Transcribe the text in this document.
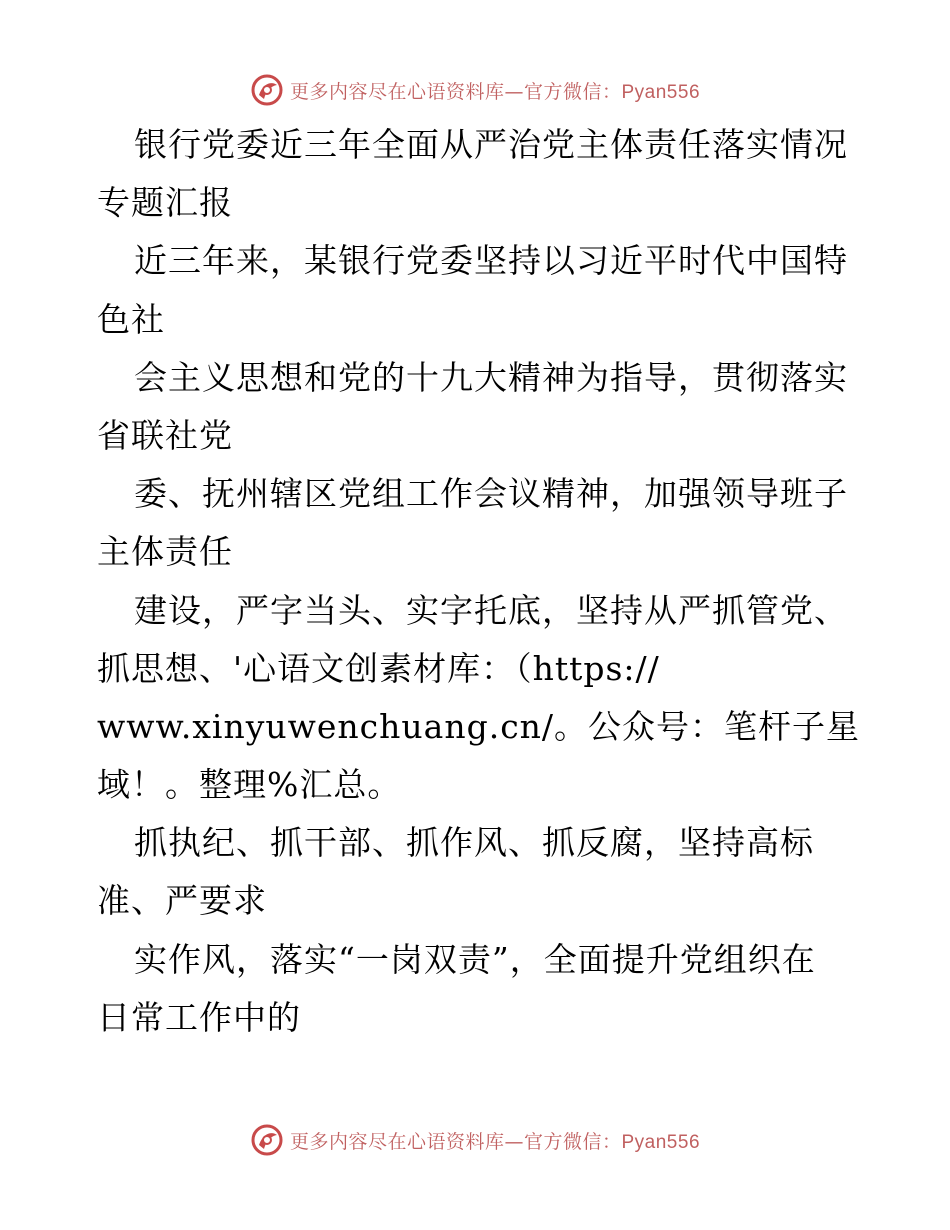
更多内容尽在心语资料库—官方微信：Pyan556
银行党委近三年全面从严治党主体责任落实情况
专题汇报
近三年来，某银行党委坚持以习近平时代中国特
色社
会主义思想和党的十九大精神为指导，贯彻落实
省联社党
委、抚州辖区党组工作会议精神，加强领导班子
主体责任
建设，严字当头、实字托底，坚持从严抓管党、
抓思想、'心语文创素材库：（https://
www.xinyuwenchuang.cn/。公众号：笔杆子星
域！。整理%汇总。
抓执纪、抓干部、抓作风、抓反腐，坚持高标
准、严要求
实作风，落实“一岗双责”，全面提升党组织在
日常工作中的
更多内容尽在心语资料库—官方微信：Pyan556
